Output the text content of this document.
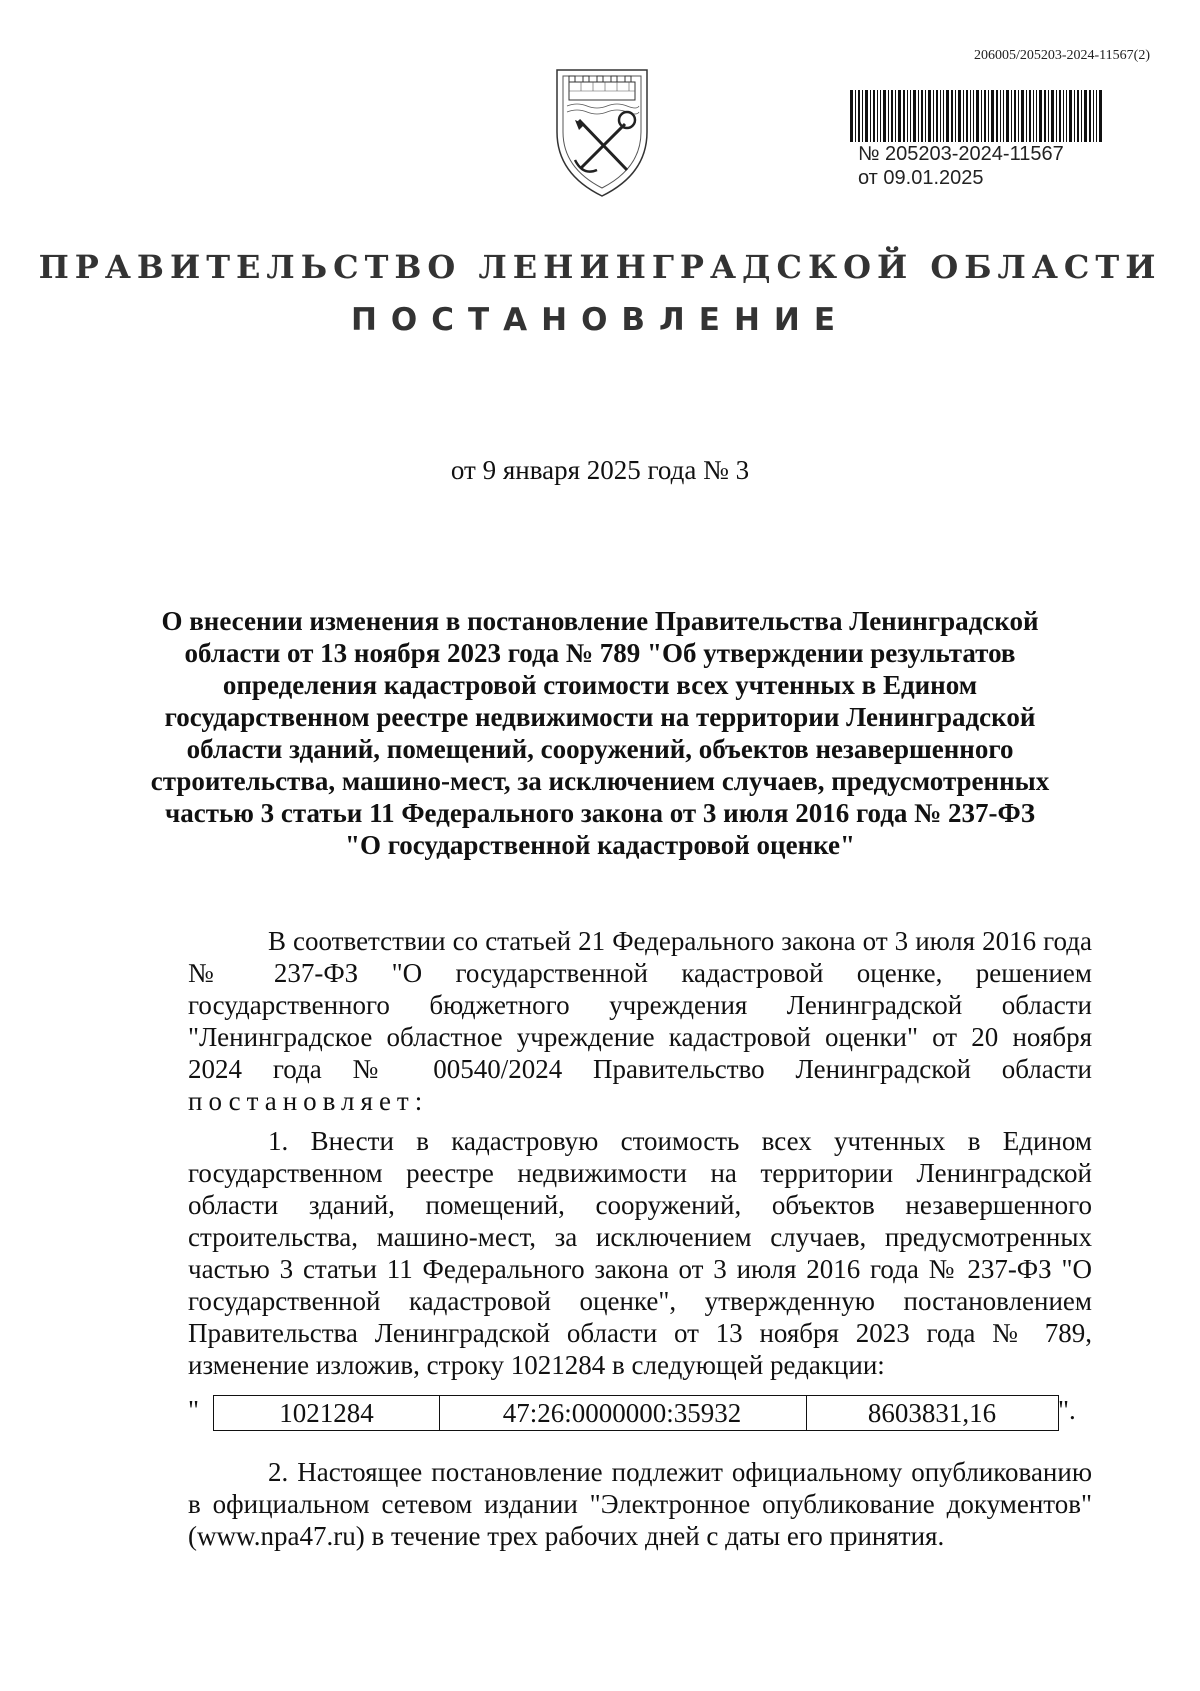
206005/205203-2024-11567(2)
№ 205203-2024-11567
от 09.01.2025
ПРАВИТЕЛЬСТВО ЛЕНИНГРАДСКОЙ ОБЛАСТИ
ПОСТАНОВЛЕНИЕ
от 9 января 2025 года № 3
О внесении изменения в постановление Правительства Ленинградской области от 13 ноября 2023 года № 789 "Об утверждении результатов определения кадастровой стоимости всех учтенных в Едином государственном реестре недвижимости на территории Ленинградской области зданий, помещений, сооружений, объектов незавершенного строительства, машино-мест, за исключением случаев, предусмотренных частью 3 статьи 11 Федерального закона от 3 июля 2016 года № 237-ФЗ "О государственной кадастровой оценке"
В соответствии со статьей 21 Федерального закона от 3 июля 2016 года № 237-ФЗ "О государственной кадастровой оценке, решением государственного бюджетного учреждения Ленинградской области "Ленинградское областное учреждение кадастровой оценки" от 20 ноября 2024 года № 00540/2024 Правительство Ленинградской области постановляет:
1. Внести в кадастровую стоимость всех учтенных в Едином государственном реестре недвижимости на территории Ленинградской области зданий, помещений, сооружений, объектов незавершенного строительства, машино-мест, за исключением случаев, предусмотренных частью 3 статьи 11 Федерального закона от 3 июля 2016 года № 237-ФЗ "О государственной кадастровой оценке", утвержденную постановлением Правительства Ленинградской области от 13 ноября 2023 года № 789, изменение изложив, строку 1021284 в следующей редакции:
"	1021284	47:26:0000000:35932	8603831,16	".
2. Настоящее постановление подлежит официальному опубликованию в официальном сетевом издании "Электронное опубликование документов" (www.npa47.ru) в течение трех рабочих дней с даты его принятия.
